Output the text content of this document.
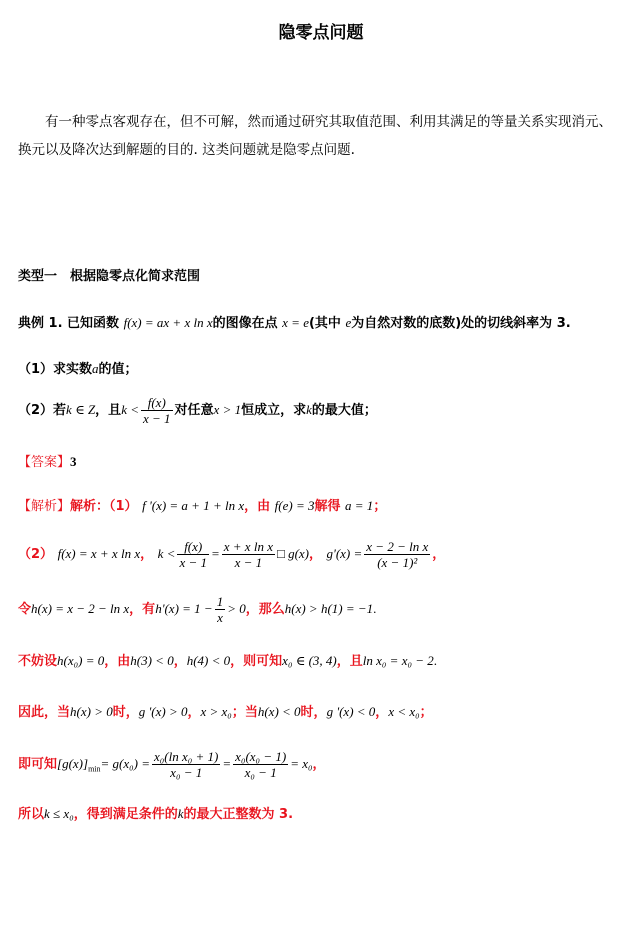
隐零点问题
有一种零点客观存在，但不可解，然而通过研究其取值范围、利用其满足的等量关系实现消元、换元以及降次达到解题的目的. 这类问题就是隐零点问题.
类型一　根据隐零点化简求范围
典例 1. 已知函数 f(x) = ax + x ln x的图像在点 x = e(其中 e为自然对数的底数)处的切线斜率为 3.
（1）求实数a的值；
（2）若k ∈ Z，且$k < \frac{f(x)}{x - 1}$ 对任意x > 1恒成立，求k的最大值；
【答案】3
【解析】解析：（1） f '(x) = a + 1 + ln x，由 f(e) = 3解得 a = 1；
（2） f(x) = x + x ln x， $k < \frac{f(x)}{x - 1} = \frac{\text{x + x ln x}}{x - 1}$ □ g(x)， $g'(x) = \frac{\text{x − 2 − ln x}}{\text{(x − 1)²}}$ ，
令h(x) = x − 2 − ln x，有$h'(x) = 1 - \frac{1}{x} > 0$，那么h(x) > h(1) = −1.
不妨设h(x₀) = 0，由h(3) < 0，h(4) < 0，则可知x₀ ∈ (3, 4)，且ln x₀ = x₀ − 2.
因此，当h(x) > 0时，g '(x) > 0，x > x₀；当h(x) < 0时，g '(x) < 0，x < x₀；
即可知$[g(x)]_{min}= g(x_0) = \frac{\text{x₀(ln x₀ + 1)}}{\text{x₀ − 1}} = \frac{\text{x₀(x₀ − 1)}}{\text{x₀ − 1}} = x_0$，
所以k ≤ x₀，得到满足条件的k的最大正整数为 3.
